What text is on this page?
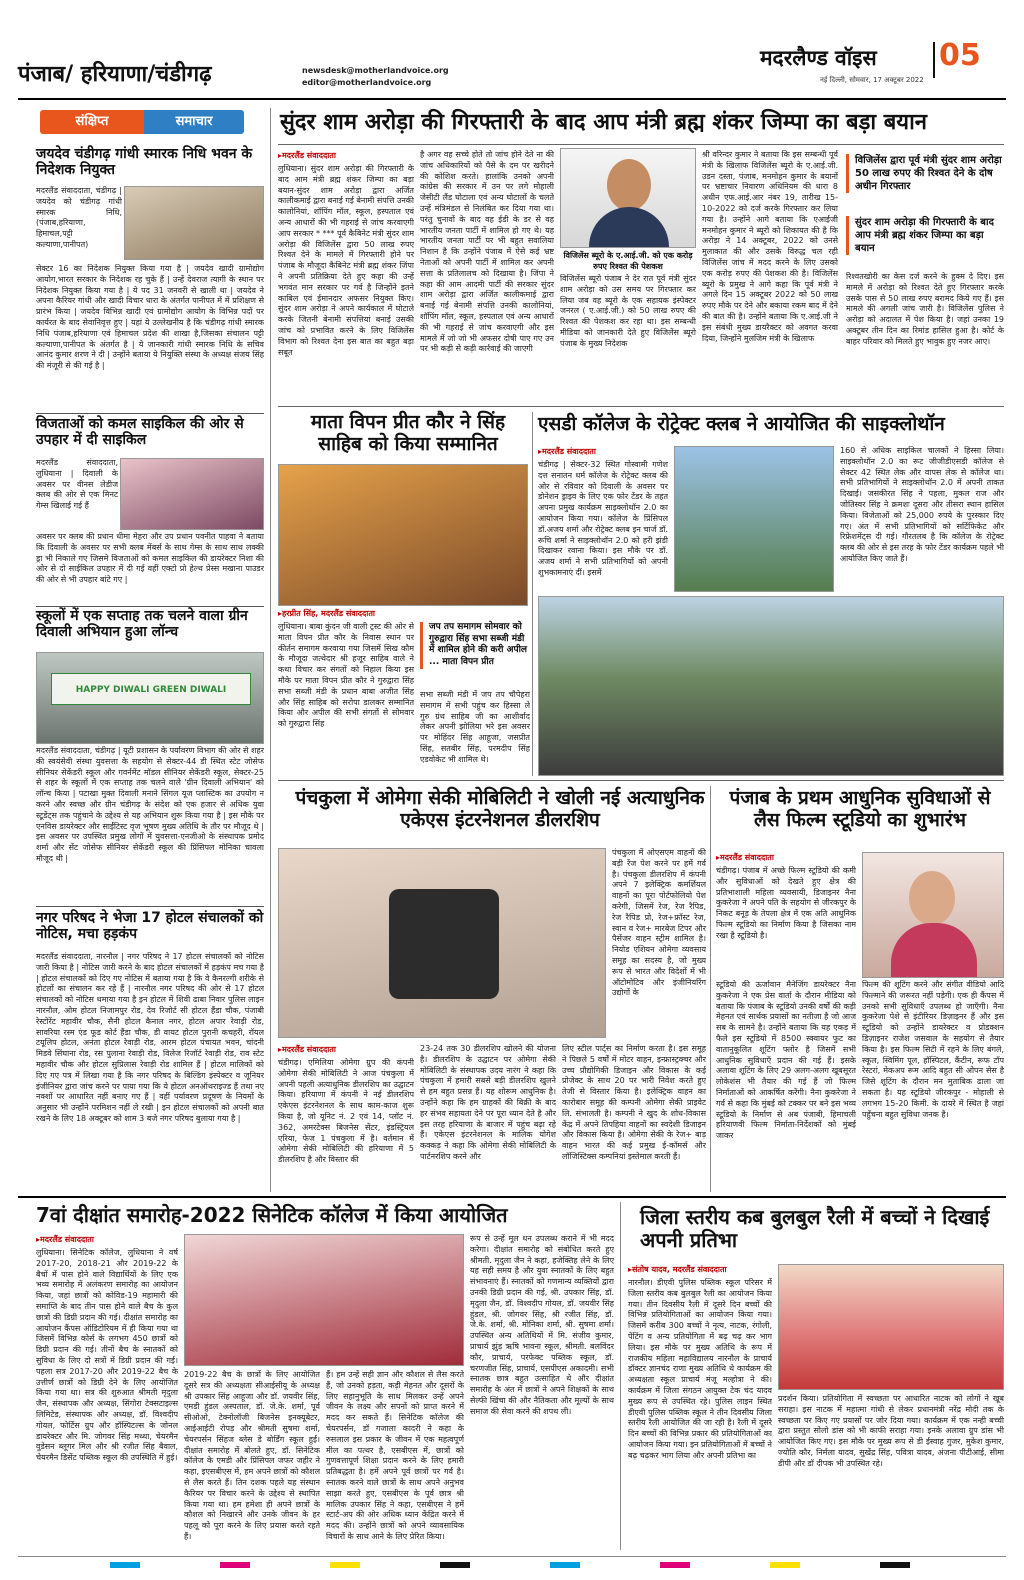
पंजाब/ हरियाणा/चंडीगढ़	newsdesk@motherlandvoice.org
editor@motherlandvoice.org
मदरलैण्ड वॉइस 05
नई दिल्ली, सोमवार, 17 अक्टूबर 2022
संक्षिप्त	समाचार
जयदेव चंडीगढ़ गांधी स्मारक निधि भवन के निदेशक नियुक्त
मदरलैंड संवाददाता, चंडीगढ़ | जयदेव को चंडीगढ़ गांधी स्मारक निधि, (पंजाब,हरियाणा, हिमाचल,पट्टी कल्याणा,पानीपत)
सेक्टर 16 का निदेशक नियुक्त किया गया है | जयदेव खादी ग्रामोद्योग आयोग,भारत सरकार के निदेशक रह चुके हैं | उन्हें देवराज त्यागी के स्थान पर निदेशक नियुक्त किया गया है | ये पद 31 जनवरी से खाली था | जयदेव ने अपना कैरियर गांधी और खादी विचार धारा के अंतर्गत पानीपत में में प्रशिक्षण से प्रारंभ किया | जयदेव विभिन्न खादी एवं ग्रामोद्योग आयोग के विभिन्न पदों पर कार्यरत के बाद सेवानिवृत्त हुए | यहां ये उल्लेखनीय है कि चंडीगढ़ गांधी स्मारक निधि पंजाब,हरियाणा एवं हिमाचल प्रदेश की शाखा है,जिसका संचालन पट्टी कल्याणा,पानीपत के अंतर्गत है | ये जानकारी गांधी स्मारक निधि के सचिव आनंद कुमार शरण ने दी | उन्होंने बताया ये नियुक्ति संस्था के अध्यक्ष संजय सिंह की मंजूरी से की गई है |
विजताओं को कमल साइकिल की ओर से उपहार में दी साइकिल
मदरलैंड संवाददाता, लुधियाना | दिवाली के अवसर पर वीनस लेडीज क्लब की ओर से एक मिनट गेम्स खिलाई गई हैं
अवसर पर क्लब की प्रधान धीमा मेहरा और उप प्रधान पवनीत पाहवा ने बताया कि दिवाली के अवसर पर सभी क्लब मेंबर्स के साथ गेम्स के साथ साथ लक्की ड्रा भी निकाले गए जिसमे विजताओं को कमल साइकिल की डायरेक्टर निशा की ओर से दो साईकिल उपहार में दी गई वहीं एक्टो प्रो हेल्थ प्रेस्स मखाना पाउडर की ओर से भी उपहार बांटे गए |
स्कूलों में एक सप्ताह तक चलने वाला ग्रीन दिवाली अभियान हुआ लॉन्च
HAPPY DIWALI GREEN DIWALI
मदरलैंड संवाददाता, चंडीगढ़ | यूटी प्रशासन के पर्यावरण विभाग की ओर से शहर की स्वयंसेवी संस्था युवसत्ता के सहयोग से सेक्टर-44 डी स्थित स्टेट जोसेफ सीनियर सेकेंडरी स्कूल और गवर्नमेंट मॉडल सीनियर सेकेंडरी स्कूल, सेक्टर-25 से शहर के स्कूलों में एक सप्ताह तक चलने वाले 'ग्रीन दिवाली अभियान' को लॉन्च किया | पटाखा मुक्त दिवाली मनाने सिंगल यूज प्लास्टिक का उपयोग न करने और स्वच्छ और ग्रीन चंडीगढ़ के संदेश को एक हजार से अधिक युवा स्टूडेंट्स तक पहुंचाने के उद्देश्य से यह अभियान शुरू किया गया है | इस मौके पर एनविस डायरेक्टर और साईंटिस्ट वृज भूषण मुख्य अतिथि के तौर पर मौजूद थे | इस अवसर पर उपस्थित प्रमुख लोगों में युवसत्ता-एनजीओ के संस्थापक प्रमोद शर्मा और सेंट जोसेफ सीनियर सेकेंडरी स्कूल की प्रिंसिपल मोनिका चावला मौजूद थी |
नगर परिषद ने भेजा 17 होटल संचालकों को नोटिस, मचा हड़कंप
मदरलैंड संवाददाता, नारनौल | नगर परिषद ने 17 होटल संचालकों को नोटिस जारी किया है | नोटिस जारी करने के बाद होटल संचालकों में हड़कंप मच गया है | होटल संचालकों को दिए गए नोटिस में बताया गया है कि वे कैनरल्गी शरीके से होटलों का संचालन कर रहे हैं | नारनौल नगर परिषद की ओर से 17 होटल संचालकों को नोटिस थमाया गया है इन होटल में शिवी ढाबा निवार पुलिस लाइन नारनौल, ओम होटल निजामपुर रोड, देव रिजोर्ट सी होटल हैंडा चौक, पंजाबी रेस्टोरेंट महावीर चौक, सैनी होटल कैनाल नगर, होटल अपार रेवाड़ी रोड, सावरिया रस्म एंड फूड कोर्ट हैंडा चौक, डी वायट होटल पुरानी कचहरी, रॉयल टयूलिप होटल, अनंता होटल रेवाड़ी रोड, आरम होटल पंचायत भवन, चांदनी मिडवे सिंघाना रोड, रस पुलाना रेवाड़ी रोड, विलेज रिजॉर्ट रेवाड़ी रोड, राव स्टेट महावीर चौक और होटल सुप्रिलास रेवाड़ी रोड शामिल हैं | होटल मालिकों को दिए गए पत्र में लिखा गया है कि नगर परिषद के बिल्डिंग इंस्पेक्टर व जूनियर इंजीनियर द्वारा जांच करने पर पाया गया कि ये होटल अनऑथराइज्ड हैं तथा नए नक्शों पर आधारित नहीं बनाए गए हैं | वहीं पर्यावरण प्रदूषण के नियमों के अनुसार भी उन्होंने परमिशन नहीं ले रखी | इन होटल संचालकों को अपनी बात रखने के लिए 18 अक्टूबर को शाम 3 बजे नगर परिषद बुलाया गया है |
सुंदर शाम अरोड़ा की गिरफ्तारी के बाद आप मंत्री ब्रह्म शंकर जिम्पा का बड़ा बयान
▸ मदरलैंड संवाददाता
लुधियाना। सुंदर शाम अरोड़ा की गिरफ्तारी के बाद आम मंत्री ब्रह्म शंकर जिम्पा का बड़ा बयान-सुंदर शाम अरोड़ा द्वारा अर्जित कालीकमाई द्वारा बनाई गई बेनामी संपत्ति उनकी कालोनियां, शॉपिंग मॉल, स्कूल, हस्पताल एवं अन्य आधारों की भी गहराई से जांच करवाएगी आप सरकार * *** पूर्व कैबिनेट मंत्री सुंदर शाम अरोड़ा की विजिलेंस द्वारा 50 लाख रुपए रिश्वत देने के मामले में गिरफ्तारी होने पर पंजाब के मौजूदा कैबिनेट मंत्री ब्रह्म शंकर जिंपा ने अपनी प्रतिक्रिया देते हुए कहा की उन्हें भगवंत मान सरकार पर गर्व है जिन्होंने इतने काबिल एवं ईमानदार अफसर नियुक्त किए। सुंदर शाम अरोड़ा ने अपने कार्यकाल में घोटाले करके जितनी बेनामी संपत्तियां बनाई उसकी जांच को प्रभावित करने के लिए विजिलेंस विभाग को रिश्वत देना इस बात का बहुत बड़ा सबूत
है अगर वह सच्चे होते तो जांच होने देते ना की जांच अधिकारियों को पैसे के दम पर खरीदने की कोशिश करते। हालांकि उनको अपनी कांग्रेस की सरकार में उन पर लगे मोहाली जेसीटी लैंड घोटाला एवं अन्य घोटालों के चलते उन्हें मंत्रिमंडल से निलंबित कर दिया गया था। परंतु चुनावों के बाद वह ईडी के डर से वह भारतीय जनता पार्टी में शामिल हो गए थे। यह भारतीय जनता पार्टी पर भी बहुत सवालिया निशान है कि उन्होंने पंजाब में ऐसे कई भ्रष्ट नेताओं को अपनी पार्टी में शामिल कर अपनी सत्ता के प्रतिलालच को दिखाया है। जिंपा ने कहा की आम आदमी पार्टी की सरकार सुंदर शाम अरोड़ा द्वारा अर्जित कालीकमाई द्वारा बनाई गई बेनामी संपत्ति उनकी कालोनियां, शॉपिंग मॉल, स्कूल, हस्पताल एवं अन्य आधारों की भी गहराई से जांच करवाएगी और इस मामले में जो जो भी अफसर दोषी पाए गए उन पर भी कड़ी से कड़ी कार्रवाई की जाएगी
विजिलेंस ब्यूरो के ए.आई.जी. को एक करोड़ रुपए रिश्वत की पेशकश
विजिलेंस ब्यूरो पंजाब ने देर रात पूर्व मंत्री सुंदर शाम अरोड़ा को उस समय पर गिरफ्तार कर लिया जब वह ब्यूरो के एक सहायक इंस्पेक्टर जनरल ( ए.आई.जी.) को 50 लाख रुपए की रिश्वत की पेशकश कर रहा था। इस सम्बन्धी मीडिया को जानकारी देते हुए विजिलेंस ब्यूरो पंजाब के मुख्य निदेशक
श्री वरिन्दर कुमार ने बताया कि इस सम्बन्धी पूर्व मंत्री के खिलाफ विजिलेंस ब्यूरो के ए.आई.जी. उडन दस्ता, पंजाब, मनमोहन कुमार के बयानों पर भ्रष्टाचार निवारण अधिनियम की धारा 8 अधीन एफ.आई.आर नंबर 19, तारीख 15-10-2022 को दर्ज करके गिरफ्तार कर लिया गया है। उन्होंने आगे बताया कि एआईजी मनमोहन कुमार ने ब्यूरो को शिकायत की है कि अरोड़ा ने 14 अक्टूबर, 2022 को उनसे मुलाकात की और उसके विरुद्ध चल रही विजिलेंस जांच में मदद करने के लिए उसको एक करोड़ रुपए की पेशकश की है। विजिलेंस ब्यूरो के प्रमुख ने आगे कहा कि पूर्व मंत्री ने अगले दिन 15 अक्टूबर 2022 को 50 लाख रुपए मौके पर देने और बकाया रकम बाद में देने की बात की है। उन्होंने बताया कि ए.आई.जी ने इस संबंधी मुख्य डायरैक्टर को अवगत करवा दिया, जिन्होंने मुलजिम मंत्री के खिलाफ
विजिलेंस द्वारा पूर्व मंत्री सुंदर शाम अरोड़ा 50 लाख रुपए की रिश्वत देने के दोष अधीन गिरफ्तार
सुंदर शाम अरोड़ा की गिरफ्तारी के बाद आप मंत्री ब्रह्म शंकर जिम्पा का बड़ा बयान
रिश्वतखोरी का केस दर्ज करने के हुक्म दे दिए। इस मामले में अरोड़ा को रिश्वत देते हुए गिरफ्तार करके उसके पास से 50 लाख रुपए बरामद किये गए हैं। इस मामले की अगली जांच जारी है। विजिलेंस पुलिस ने अरोड़ा को अदालत में पेश किया है। जहां उनका 19 अक्टूबर तीन दिन का रिमांड हासिल हुआ है। कोर्ट के बाहर परिवार को मिलते हुए भावुक हुए नजर आए।
माता विपन प्रीत कौर ने सिंह साहिब को किया सम्मानित
▸ हरप्रीत सिंह, मदरलैंड संवाददाता
लुधियाना। बाबा कुंदन जी वाली ट्रस्ट की ओर से माता विपन प्रीत कौर के निवास स्थान पर कीर्तन समागम करवाया गया जिसमें सिख कौम के मौजूदा जत्थेदार श्री हजूर साहिब वाले ने कथा विचार कर संगतों को निहाल किया इस मौके पर माता विपन प्रीत कौर ने गुरुद्वारा सिंह सभा सब्जी मंडी के प्रधान बाबा अजीत सिंह और सिंह साहिब को सरोपा डालकर सम्मानित किया और अपील की सभी संगतों से सोमवार को गुरुद्वारा सिंह
जप तप समागम सोमवार को गुरुद्वारा सिंह सभा सब्जी मंडी में शामिल होने की करी अपील ... माता विपन प्रीत
सभा सब्जी मंडी में जप तप चौपेहरा समागम में सभी पहुंच कर हिस्सा ले गुरु ग्रंथ साहिब जी का आशीर्वाद लेकर अपनी झोलिया भरे इस अवसर पर मोहिंदर सिंह आहूजा, जसप्रीत सिंह, सतबीर सिंह, परमदीप सिंह एडवोकेट भी शामिल थे।
एसडी कॉलेज के रोट्रेक्ट क्लब ने आयोजित की साइक्लोथॉन
▸ मदरलैंड संवाददाता
चंडीगढ़ | सेक्टर-32 स्थित गोस्वामी गणेश दत्त सनातन धर्म कॉलेज के रोट्रेक्ट क्लब की ओर से रविवार को दिवाली के अवसर पर डोनेशन ड्राइव के लिए एक फोर टेंडर के तहत अपना प्रमुख कार्यक्रम साइक्लोथॉन 2.0 का आयोजन किया गया। कॉलेज के प्रिंसिपल डॉ.अजय शर्मा और रोट्रेक्ट क्लब इन चार्ज डॉ. रूचि शर्मा ने साइक्लोथॉन 2.0 को हरी झंडी दिखाकर रवाना किया। इस मौके पर डॉ. अजय शर्मा ने सभी प्रतिभागियों को अपनी शुभकामनाएं दीं। इसमें
160 से अधिक साइकिल चालकों ने हिस्सा लिया। साइक्लोथॉन 2.0 का रूट जीजीडीएसडी कॉलेज से सेक्टर 42 स्थित लेक और वापस लेक से कॉलेज था। सभी प्रतिभागियों ने साइक्लोथॉन 2.0 में अपनी ताकत दिखाई। जसकीरत सिंह ने पहला, मुकल राज और जोतिस्वर सिंह ने क्रमशः दूसरा और तीसरा स्थान हासिल किया। विजेताओं को 25,000 रुपये के पुरस्कार दिए गए। अंत में सभी प्रतिभागियों को सर्टिफिकेट और रिफ्रेशमेंट्स दी गई। गौरतलब है कि कॉलेज के रोट्रेक्ट क्लब की ओर से इस तरह के फोर टेंडर कार्यक्रम पहले भी आयोजित किए जाते हैं।
पंचकुला में ओमेगा सेकी मोबिलिटी ने खोली नई अत्याधुनिक एकेएस इंटरनेशनल डीलरशिप
पंचकुला में ओएसएम वाहनों की बड़ी रेंज पेश करने पर हमें गर्व है। पंचकुला डीलरशिप में कंपनी अपने 7 इलेक्ट्रिक कमर्शियल वाहनों का पूरा पोर्टफोलियो पेश करेगी, जिसमें रेज, रेज रैपिड, रेज रैपिड प्रो, रेज+फ्रॉस्ट रेज, स्वान व रेज+ मारबेज टिपर और पैसेंजर वाहन स्ट्रीम शामिल है। नियोड एशियन ओमेगा व्यवसाय समूह का सदस्य है, जो मुख्य रूप से भारत और विदेशों में भी ऑटोमोटिव और इंजीनियरिंग उद्योगों के
▸ मदरलैंड संवाददाता
चंडीगढ़। एमिलिया ओमेगा ग्रुप की कंपनी ओमेगा सेकी मोबिलिटी ने आज पंचकुला में अपनी पहली अत्याधुनिक डीलरशिप का उद्घाटन किया। हरियाणा में कंपनी ने नई डीलरशिप एकेएस इंटरनेशनल के साथ काम-काज शुरू किया है, जो यूनिट नं. 2 एवं 14, प्लॉट नं. 362, अमरटेक्स बिजनेस सेंटर, इंडस्ट्रियल एरिया, फेज 1 पंचकुला में है। वर्तमान में ओमेगा सेकी मोबिलिटी की हरियाणा में 5 डीलरशिप है और विस्तार की
23-24 तक 30 डीलरशिप खोलने की योजना है। डीलरशिप के उद्घाटन पर ओमेगा सेकी मोबिलिटी के संस्थापक उदय नारंग ने कहा कि पंचकुला में हमारी सबसे बड़ी डीलरशिप खुलने से हम बहुत प्रसन्न हैं। यह शोरूम आधुनिक है। उन्होंने कहा कि हम ग्राहकों की बिक्री के बाद हर संभव सहायता देने पर पूरा ध्यान देते है और इस तरह हरियाणा के बाजार में पहुंच बढ़ा रहे हैं। एकेएस इंटरनेशनल के मालिक योगेश कक्कड़ ने कहा कि ओमेगा सेकी मोबिलिटी के पार्टनरशिप करने और
लिए स्टील पार्ट्स का निर्माण करता है। इस समूह ने पिछले 5 वर्षों में मोटर वाहन, इन्फ्रास्ट्रक्चर और उच्च प्रौद्योगिकी डिजाइन और विकास के कई प्रोजेक्ट के साथ 20 पर भारी निवेश करते हुए तेजी से विस्तार किया है। इलेक्ट्रिक वाहन का कारोबार समूह की कम्पनी ओमेगा सेकी प्राइवेट लि. संभालती है। कम्पनी ने खुद के शोध-विकास केंद्र में अपने तिपहिया वाहनों का स्वदेशी डिजाइन और विकास किया है। ओमेगा सेकी के रेज+ बाड़ वाहन भारत की कई प्रमुख ई-कॉमर्स और लॉजिस्टिक्स कम्पनियां इस्तेमाल करती हैं।
पंजाब के प्रथम आधुनिक सुविधाओं से लैस फिल्म स्टूडियो का शुभारंभ
▸ मदरलैंड संवाददाता
चंडीगढ़। पंजाब में अच्छे फिल्म स्टूडियो की कमी और सुविधाओं को देखते हुए क्षेत्र की प्रतिभाशाली महिला व्यवसायी, डिजाइनर नैना कुकरेजा ने अपने पति के सहयोग से जीरकपुर के निकट बनूड़ के तेपला क्षेत्र में एक अति आधुनिक फिल्म स्टूडियो का निर्माण किया है जिसका नाम रखा है स्टूडियो है।
स्टूडियो की ऊर्जावान मैनेजिंग डायरेक्टर नैना कुकरेजा ने एक प्रेस वार्ता के दौरान मीडिया को बताया कि पंजाब के स्टूडियो उनकी वर्षों की कड़ी मेहनत एवं सार्थक प्रयासों का नतीजा है जो आज सब के सामने है। उन्होंने बताया कि यह एकड़ में फैले इस स्टूडियो में 8500 स्क्वायर फुट का वातानुकूलित शूटिंग फ्लोर है जिसमें सभी आधुनिक सुविधाएँ प्रदान की गई हैं। इसके अलावा शूटिंग के लिए 29 अलग-अलग खूबसूरत लोकेशंस भी तैयार की गई हैं जो फिल्म निर्माताओं को आकर्षित करेंगी। नैना कुकरेजा ने गर्व से कहा कि मुंबई को टक्कर पर बने इस भव्य स्टूडियो के निर्माण से अब पंजाबी, हिमाचली हरियाणवी फिल्म निर्माता-निर्देशकों को मुंबई जाकर
फिल्म की शूटिंग करने और संगीत वीडियो आदि फिल्माने की जरूरत नहीं पड़ेगी। एक ही कैंपस में उनको सभी सुविधाएँ उपलब्ध हो जाएँगी। नैना कुकरेजा पेशे से इंटीरियर डिज़ाइनर हैं और इस स्टूडियो को उन्होंने डायरेक्टर व प्रोडक्शन डिज़ाइनर राजेश जसवाल के सहयोग से तैयार किया है। इस फिल्म सिटी में रहने के लिए बंगले, स्कूल, स्विमिंग पूल, हॉस्पिटल, कैंटीन, रूफ टॉप रेस्टरां, मेकअप रूम आदि बहुत सी ओपन सेस है जिसे शूटिंग के दौरान मन मुताबिक ढाला जा सकता है। यह स्टूडियो जीरकपुर - मोहाली से लगभग 15-20 किमी. के दायरे में स्थित है जहां पहुँचना बहुत सुविधा जनक है।
7वां दीक्षांत समारोह-2022 सिनेटिक कॉलेज में किया आयोजित
▸ मदरलैंड संवाददाता
लुधियाना। सिनेटिक कॉलेज, लुधियाना ने वर्ष 2017-20, 2018-21 और 2019-22 के बैचों में पास होने वाले विद्यार्थियों के लिए एक भव्य समारोह में अलंकरण समारोह का आयोजन किया, जहां छात्रों को कोविड-19 महामारी की समाप्ति के बाद तीन पास होने वाले बैच के कुल छात्रों की डिग्री प्रदान की गई। दीक्षांत समारोह का आयोजन कैंपस ऑडिटोरियम में ही किया गया था जिसमें विभिन्न कोर्स के लगभग 450 छात्रों को डिग्री प्रदान की गई। तीनों बैच के स्नातकों को सुविधा के लिए दो सत्रों में डिग्री प्रदान की गई। पहला सत्र 2017-20 और 2019-22 बैच के उत्तीर्ण छात्रों को डिग्री देने के लिए आयोजित किया गया था। सत्र की शुरुआत श्रीमती मृदुला जैन, संस्थापक और अध्यक्ष, सिंगोरा टेक्सटाइल्स लिमिटेड, संस्थापक और अध्यक्ष, डॉ. विश्वदीप गोयल, फोर्टिस ग्रुप और हॉस्पिटल्स के जोनल डायरेक्टर और मि. जोगवर सिंह मथ्था, चेयरमैन वुडेसन ब्लूगर मिल और श्री रजीत सिंह बैवाल, चेयरमैन डिसेंट पब्लिक स्कूल की उपस्थिति में हुई।
2019-22 बैच के छात्रों के लिए आयोजित दूसरे सत्र की अध्यक्षता सीआईसीयू के अध्यक्ष श्री उपकार सिंह आहूजा और डॉ. जयवीर सिंह, एमडी हुंडल अस्पताल, डॉ. जे.के. शर्मा, पूर्व सीओओ, टेक्नोलॉजी बिजनेस इनक्यूबेटर, आईआईटी रोपड़ और श्रीमती सुषमा शर्मा, चेयरपर्सन सिंहज ब्लेस डे बोर्डिंग स्कूल हुई। दीक्षांत समारोह में बोलते हुए, डॉ. सिनेटिक कॉलेज के एमडी और प्रिंसिपल जफर जहीर ने कहा, इएसबीएस में, हम अपने छात्रों को कौशल से लैस करते हैं। तिन दशक पहले यह संस्थान कैरियर पर विचार करने के उद्देश्य से स्थापित किया गया था। हम हमेशा ही अपने छात्रों के कौशल को निखारने और उनके जीवन के हर पहलू को पूरा करने के लिए प्रयास करते रहते हैं।
हैं। हम उन्हें सही ज्ञान और कौशल से लैस करते हैं, जो उनको हड़ता, कड़ी मेहनत और दूसरों के लिए सहानुभूति के साथ मिलकर उन्हें अपने जीवन के लक्ष्य और सपनों को प्राप्त करने में मदद कर सकते हैं। सिनेटिक कॉलेज की चेयरपर्सन, डॉ गजाला कादरी ने कहा के रुसलाल इस प्रकार के जीवन में एक महत्वपूर्ण मील का पत्थर है, एसबीएस में, छात्रों को गुणवत्तापूर्ण शिक्षा प्रदान करने के लिए हमारी प्रतिबद्धता है। हमें अपने पूर्व छात्रों पर गर्व है। स्नातक करने वाले छात्रों के साथ अपने अनुभव साझा करते हुए, एसबीएस के पूर्व छात्र श्री मालिक उपकार सिंह ने कहा, एसबीएस ने हमें स्टार्ट-अप की ओर अधिक ध्यान केंद्रित करने में मदद की। उन्होंने छात्रों को अपने व्यावसायिक विचारों के साथ आने के लिए प्रेरित किया।
रूप से उन्हें मूल धन उपलब्ध कराने में भी मदद करेगा। दीक्षांत समारोह को संबोधित करते हुए श्रीमती. मृदुला जैन ने कहा, हजेक्तिह लेने के लिए यह सही समय है और युवा स्नातकों के लिए बहुत संभावनाएं हैं। स्नातकों को गणमान्य व्यक्तियों द्वारा उनकी डिग्री प्रदान की गई, श्री. उपकार सिंह, डॉ. मृदुला जैन, डॉ. विश्वदीप गोयल, डॉ. जयवीर सिंह हुंडल, श्री. जोगवर सिंह, श्री रजीत सिंह, डॉ. जे.के. शर्मा, श्री. मोनिका शर्मा, श्री. सुषमा शर्मा। उपस्थित अन्य अतिथियों में मि. संजीव कुमार, प्राचार्य झुंड़ ऋषि भावना स्कूल, श्रीमती. बलविंदर कौर, प्राचार्य, परफेक्ट पब्लिक स्कूल, डॉ. चरणजीत सिंह, प्राचार्य, एसपीएस अकादमी। सभी स्नातक छात्र बहुत उत्साहित थे और दीक्षांत समारोह के अंत में छात्रों ने अपने शिक्षकों के साथ सेल्फी खिंचा की और नैतिकता और मूल्यों के साथ समाज की सेवा करने की शपथ ली।
जिला स्तरीय कब बुलबुल रैली में बच्चों ने दिखाई अपनी प्रतिभा
▸ संतोष यादव, मदरलैंड संवाददाता
नारनौल। डीएवी पुलिस पब्लिक स्कूल परिसर में जिला स्तरीय कब बुलबुल रैली का आयोजन किया गया। तीन दिवसीय रैली में दूसरे दिन बच्चों की विभिन्न प्रतियोगिताओं का आयोजन किया गया। जिसमें करीब 300 बच्चों ने नृत्य, नाटक, रंगोली, पेंटिंग व अन्य प्रतियोगिता में बढ़ चढ़ कर भाग लिया। इस मौके पर मुख्य अतिथि के रूप में राजकीय महिला महाविद्यालय नारनौल के प्राचार्य डॉक्टर ज्ञानचंद राणा मुख्य अतिथि थे कार्यक्रम की अध्यक्षता स्कूल प्राचार्य मंजू मल्होत्रा ने की। कार्यक्रम में जिला संगठन आयुक्त टेक चंद यादव मुख्य रूप से उपस्थित रहे। पुलिस लाइन स्थित डीएवी पुलिस पब्लिक स्कूल ने तीन दिवसीय जिला स्तरीय रैली आयोजित की जा रही है। रैली में दूसरे दिन बच्चों की विभिन्न प्रकार की प्रतियोगिताओं का आयोजन किया गया। इन प्रतियोगिताओं में बच्चों ने बढ़ चढ़कर भाग लिया और अपनी प्रतिभा का
प्रदर्शन किया। प्रतियोगिता में स्वच्छता पर आधारित नाटक को लोगों ने खूब सराहा। इस नाटक में महात्मा गांधी से लेकर प्रधानमंत्री नरेंद्र मोदी तक के स्वच्छता पर किए गए प्रयासों पर जोर दिया गया। कार्यक्रम में एक नन्ही बच्ची द्वारा प्रस्तुत सोलो डांस को भी काफी सराहा गया। इनके अलावा ग्रुप डांस भी आयोजित किए गए। इस मौके पर मुख्य रूप से डी ईस्वाह गुजर, मुकेश कुमार, ज्योति कौर, निर्मला यादव, सुखेंद्र सिंह, पवित्रा यादव, अंजना पीटीआई, सीमा डीपी और डॉ दीपक भी उपस्थित रहे।
